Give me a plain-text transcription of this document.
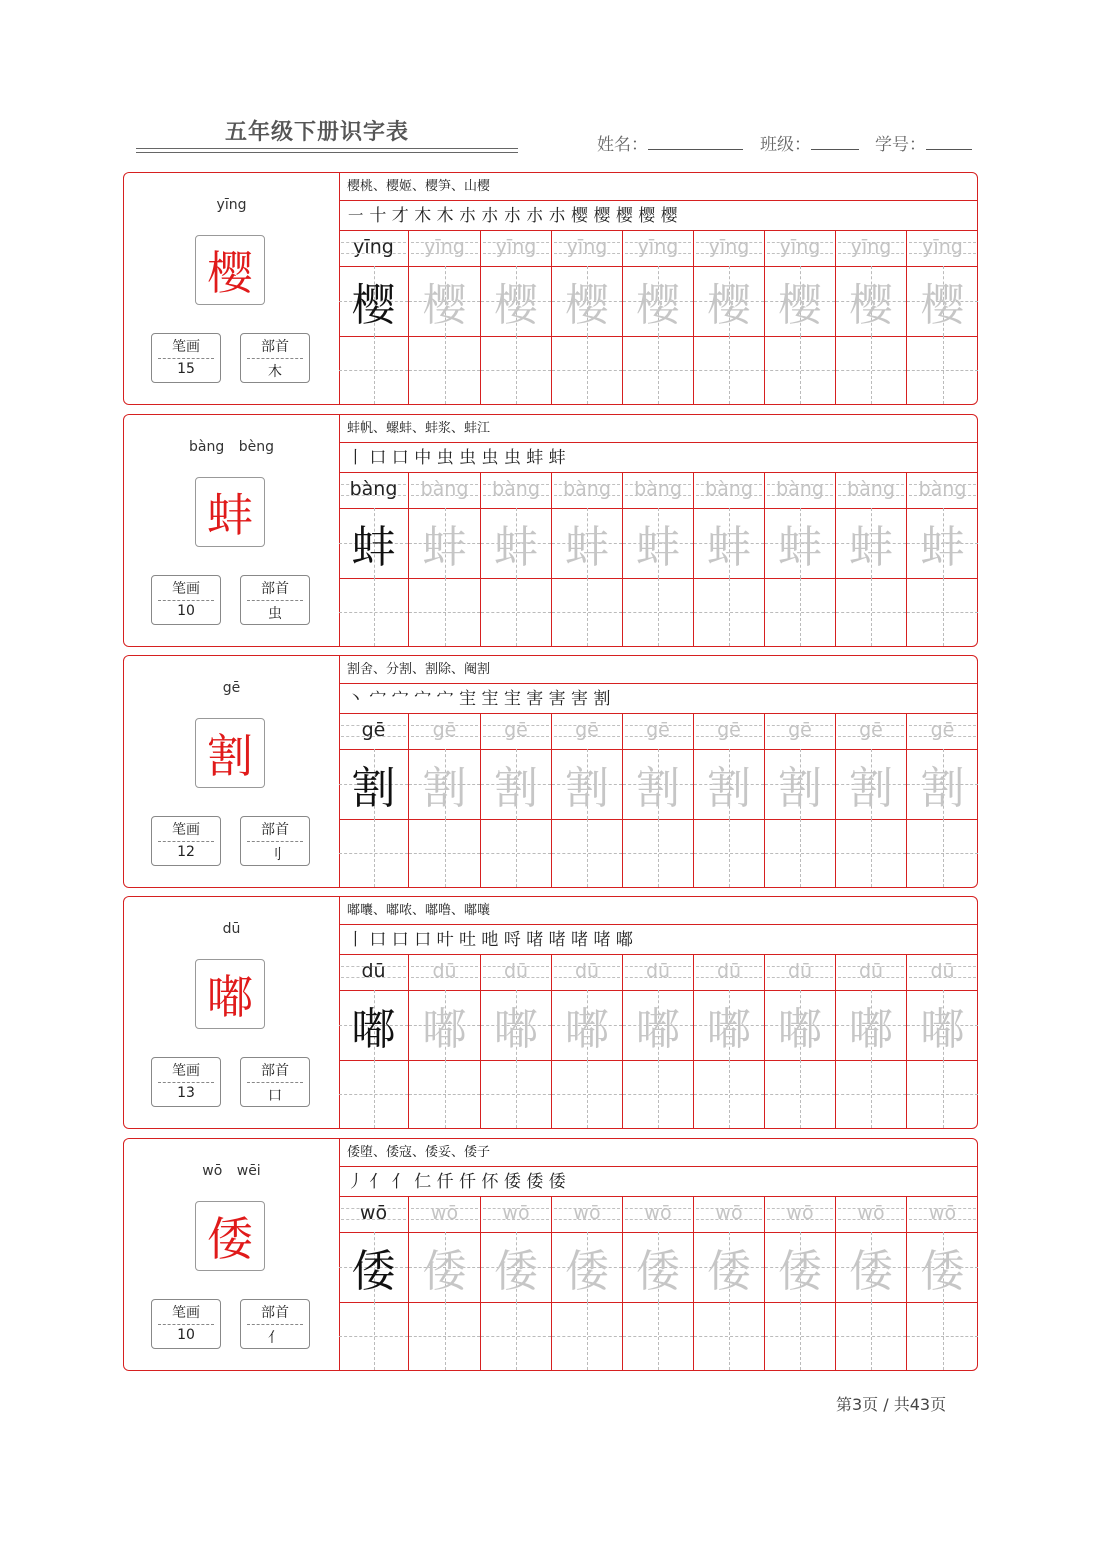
五年级下册识字表	姓名：	班级：	学号：
yīng
樱
笔画
15
部首
木
樱桃、樱姬、樱笋、山樱
㇐ 十 才 木 木 朩 朩 朩 朩 朩 樱 樱 樱 樱 樱
yīng	yīng	yīng	yīng	yīng	yīng	yīng	yīng	yīng
樱 樱 樱 樱 樱 樱 樱 樱 樱
bàng bèng
蚌
笔画
10
部首
虫
蚌帆、螺蚌、蚌浆、蚌江
丨 口 口 中 虫 虫 虫 虫 蚌 蚌
bàng	bàng	bàng	bàng	bàng	bàng	bàng	bàng	bàng
蚌 蚌 蚌 蚌 蚌 蚌 蚌 蚌 蚌
gē
割
笔画
12
部首
刂
割舍、分割、割除、阉割
丶 宀 宀 宀 宀 宔 宔 宔 害 害 害 割
gē	gē	gē	gē	gē	gē	gē	gē	gē
割 割 割 割 割 割 割 割 割
dū
嘟
笔画
13
部首
口
嘟囔、嘟哝、嘟噜、嘟嚷
丨 口 口 口 叶 吐 吔 哷 啫 啫 啫 啫 嘟
dū	dū	dū	dū	dū	dū	dū	dū	dū
嘟 嘟 嘟 嘟 嘟 嘟 嘟 嘟 嘟
wō wēi
倭
笔画
10
部首
亻
倭堕、倭寇、倭妥、倭子
丿 亻 亻 仁 仟 仟 伓 倭 倭 倭
wō	wō	wō	wō	wō	wō	wō	wō	wō
倭 倭 倭 倭 倭 倭 倭 倭 倭
第3页 / 共43页
